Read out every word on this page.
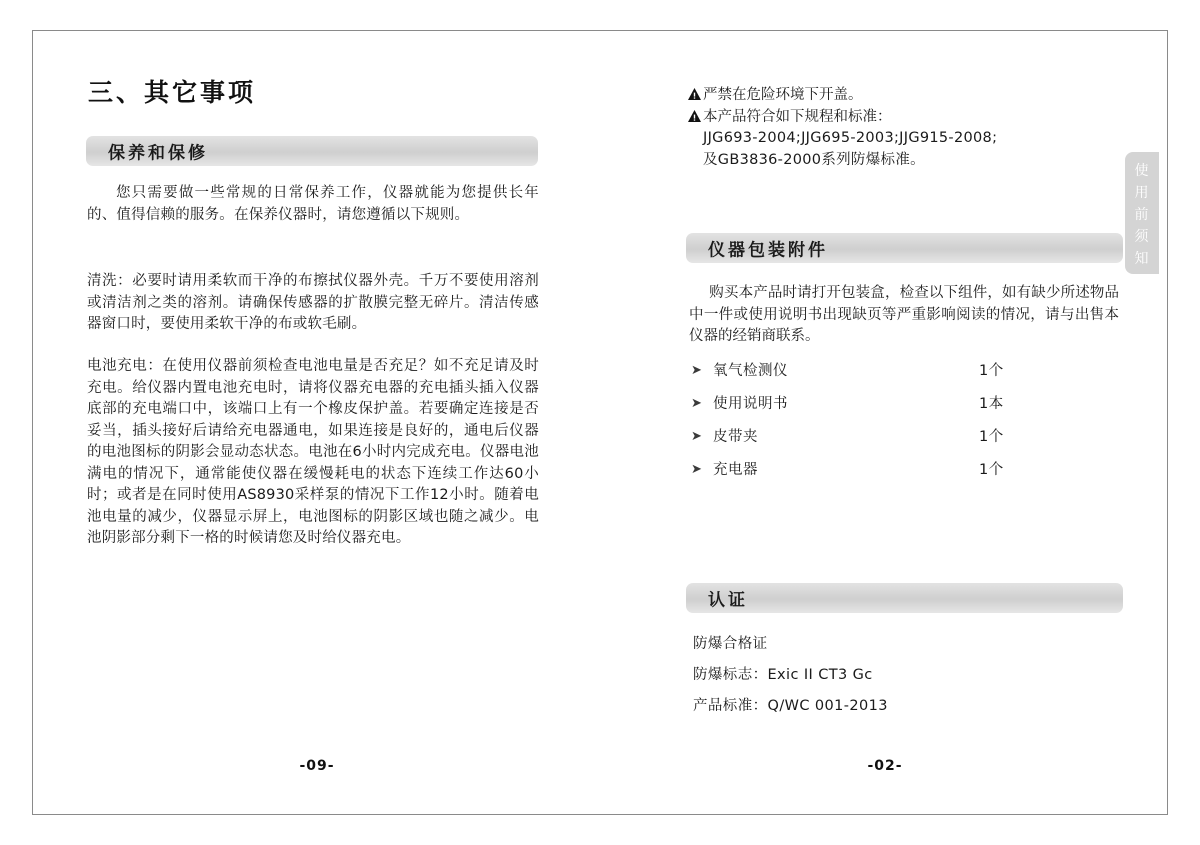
三、其它事项
保养和保修
您只需要做一些常规的日常保养工作，仪器就能为您提供长年的、值得信赖的服务。在保养仪器时，请您遵循以下规则。
清洗：必要时请用柔软而干净的布擦拭仪器外壳。千万不要使用溶剂或清洁剂之类的溶剂。请确保传感器的扩散膜完整无碎片。清洁传感器窗口时，要使用柔软干净的布或软毛刷。
电池充电：在使用仪器前须检查电池电量是否充足？如不充足请及时充电。给仪器内置电池充电时，请将仪器充电器的充电插头插入仪器底部的充电端口中，该端口上有一个橡皮保护盖。若要确定连接是否妥当，插头接好后请给充电器通电，如果连接是良好的，通电后仪器的电池图标的阴影会显动态状态。电池在6小时内完成充电。仪器电池满电的情况下，通常能使仪器在缓慢耗电的状态下连续工作达60小时；或者是在同时使用AS8930采样泵的情况下工作12小时。随着电池电量的减少，仪器显示屏上，电池图标的阴影区域也随之减少。电池阴影部分剩下一格的时候请您及时给仪器充电。
-09-
严禁在危险环境下开盖。
本产品符合如下规程和标准：
JJG693-2004;JJG695-2003;JJG915-2008;
及GB3836-2000系列防爆标准。
仪器包装附件
购买本产品时请打开包装盒，检查以下组件，如有缺少所述物品中一件或使用说明书出现缺页等严重影响阅读的情况，请与出售本仪器的经销商联系。
➤ 氧气检测仪	1个
➤ 使用说明书	1本
➤ 皮带夹	1个
➤ 充电器	1个
认证
防爆合格证
防爆标志：Exic II CT3 Gc
产品标准：Q/WC 001-2013
-02-
使
用
前
须
知
